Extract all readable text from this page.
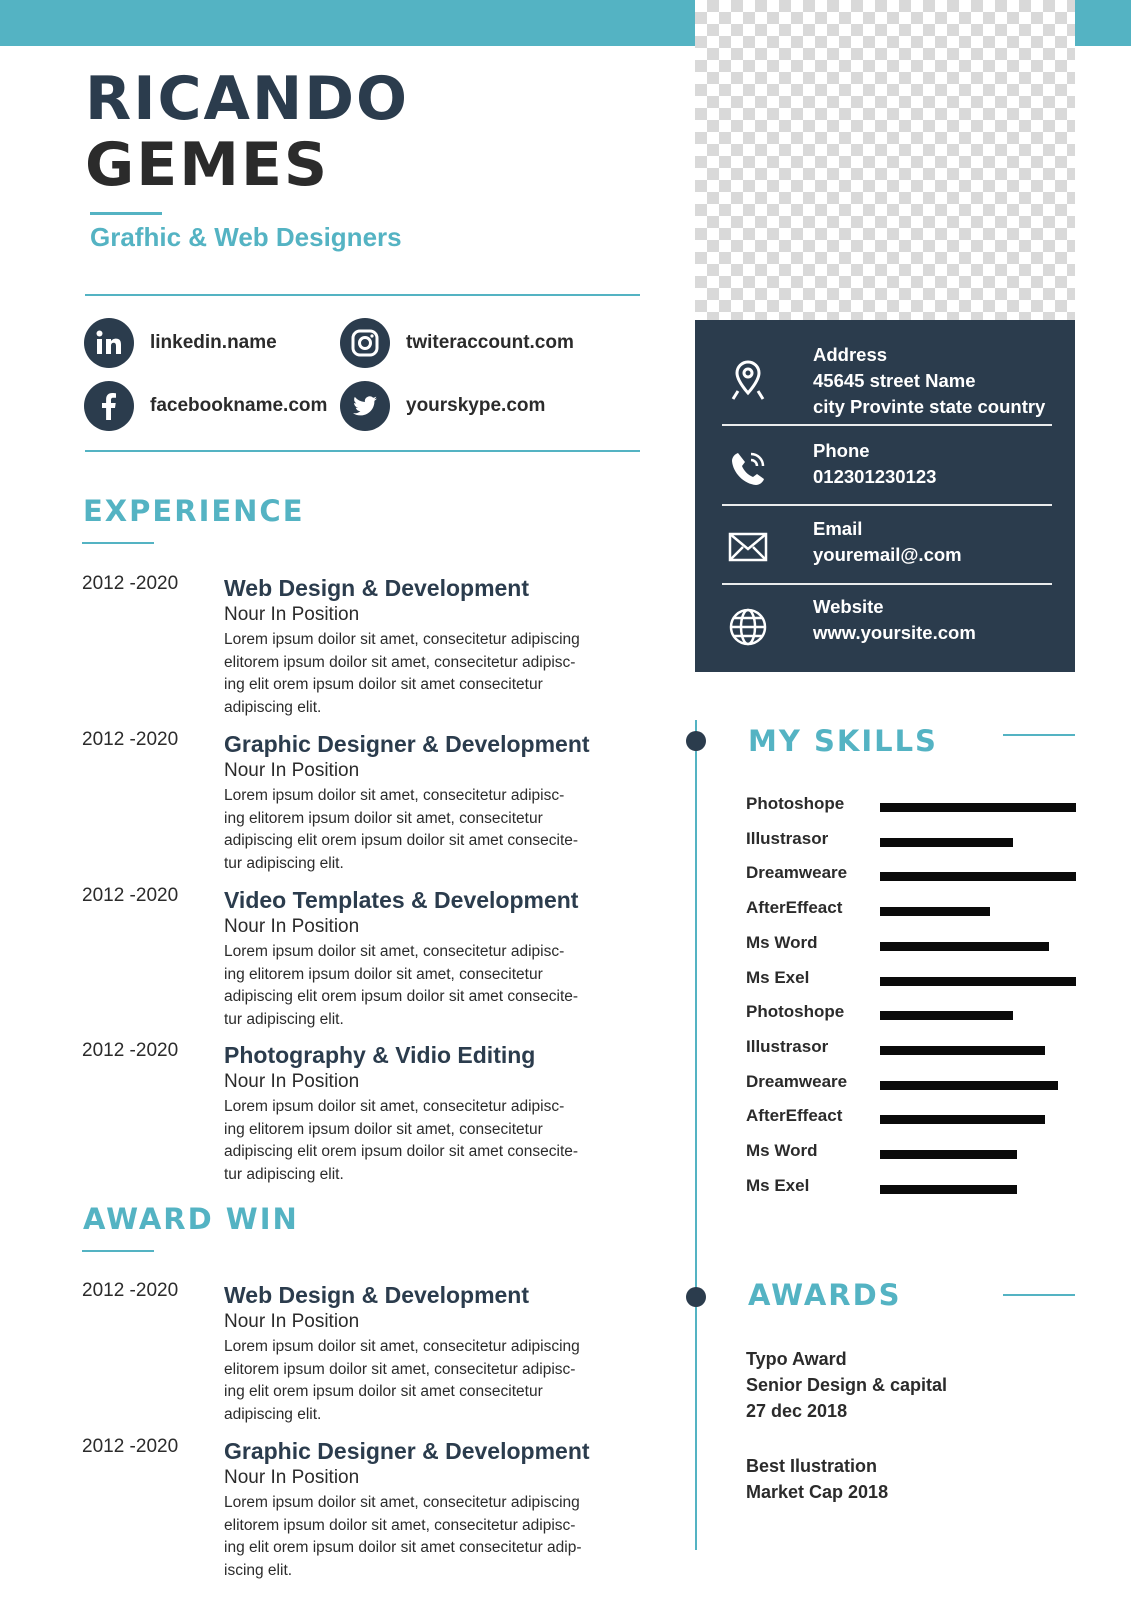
RICANDO
GEMES
Grafhic & Web Designers
linkedin.name	twiteraccount.com
facebookname.com	yourskype.com
EXPERIENCE
2012 -2020 Web Design & Development
Nour In Position
Lorem ipsum doilor sit amet, consecitetur adipiscing
elitorem ipsum doilor sit amet, consecitetur adipisc-
ing elit orem ipsum doilor sit amet consecitetur
adipiscing elit.
2012 -2020 Graphic Designer & Development
Nour In Position
Lorem ipsum doilor sit amet, consecitetur adipisc-
ing elitorem ipsum doilor sit amet, consecitetur
adipiscing elit orem ipsum doilor sit amet consecite-
tur adipiscing elit.
2012 -2020 Video Templates & Development
Nour In Position
Lorem ipsum doilor sit amet, consecitetur adipisc-
ing elitorem ipsum doilor sit amet, consecitetur
adipiscing elit orem ipsum doilor sit amet consecite-
tur adipiscing elit.
2012 -2020 Photography & Vidio Editing
Nour In Position
Lorem ipsum doilor sit amet, consecitetur adipisc-
ing elitorem ipsum doilor sit amet, consecitetur
adipiscing elit orem ipsum doilor sit amet consecite-
tur adipiscing elit.
AWARD WIN
2012 -2020 Web Design & Development
Nour In Position
Lorem ipsum doilor sit amet, consecitetur adipiscing
elitorem ipsum doilor sit amet, consecitetur adipisc-
ing elit orem ipsum doilor sit amet consecitetur
adipiscing elit.
2012 -2020 Graphic Designer & Development
Nour In Position
Lorem ipsum doilor sit amet, consecitetur adipiscing
elitorem ipsum doilor sit amet, consecitetur adipisc-
ing elit orem ipsum doilor sit amet consecitetur adip-
iscing elit.
Address
45645 street Name
city Provinte state country
Phone
012301230123
Email
youremail@.com
Website
www.yoursite.com
MY SKILLS
Photoshope
Illustrasor
Dreamweare
AfterEffeact
Ms Word
Ms Exel
Photoshope
Illustrasor
Dreamweare
AfterEffeact
Ms Word
Ms Exel
AWARDS
Typo Award
Senior Design & capital
27 dec 2018
Best Ilustration
Market Cap 2018
